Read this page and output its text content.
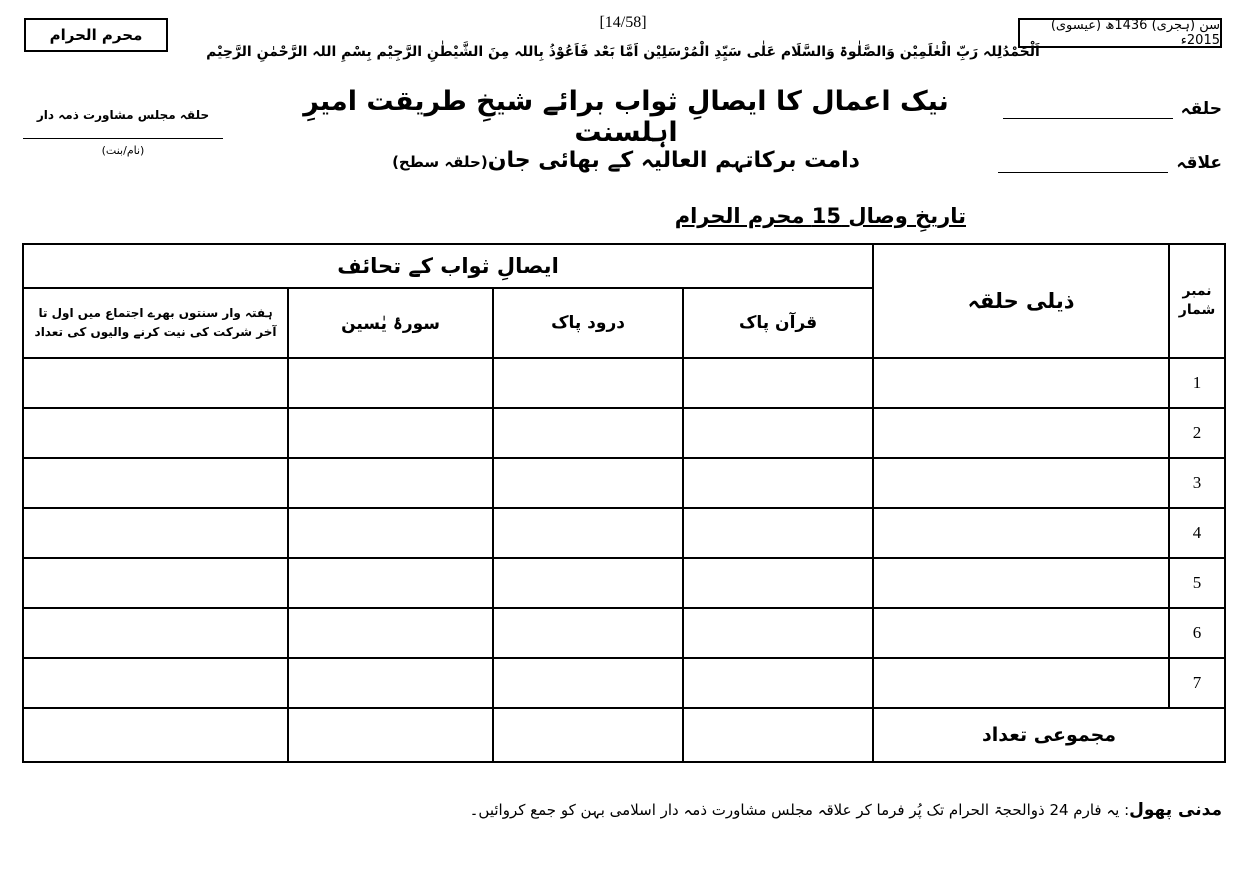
محرم الحرام
[14/58]	سن (ہجری) 1436ھ (عیسوی) 2015ء
اَلْحَمْدُلِلہ رَبِّ الْعٰلَمِیْن وَالصَّلٰوۃ وَالسَّلَام عَلٰی سَیِّدِ الْمُرْسَلِیْن اَمَّا بَعْد فَاَعُوْذُ بِاللہ مِنَ الشَّیْطٰنِ الرَّجِیْم بِسْمِ اللہ الرَّحْمٰنِ الرَّحِیْم
نیک اعمال کا ایصالِ ثواب برائے شیخِ طریقت امیرِ اہلسنت
دامت برکاتہم العالیہ کے بھائی جان(حلقہ سطح)
تاریخِ وصال 15 محرم الحرام
حلقہ
علاقہ
حلقہ مجلس مشاورت ذمہ دار
(نام/بنت)
نمبر شمار	ذیلی حلقہ	ایصالِ ثواب کے تحائف			
		قرآن پاک	درود پاک	سورۂ یٰسین	ہفتہ وار سنتوں بھرے اجتماع میں اول تا آخر شرکت کی نیت کرنے والیوں کی تعداد
1					
2					
3					
4					
5					
6					
7					
مجموعی تعداد					
مدنی پھول: یہ فارم 24 ذوالحجۃ الحرام تک پُر فرما کر علاقہ مجلس مشاورت ذمہ دار اسلامی بہن کو جمع کروائیں۔
